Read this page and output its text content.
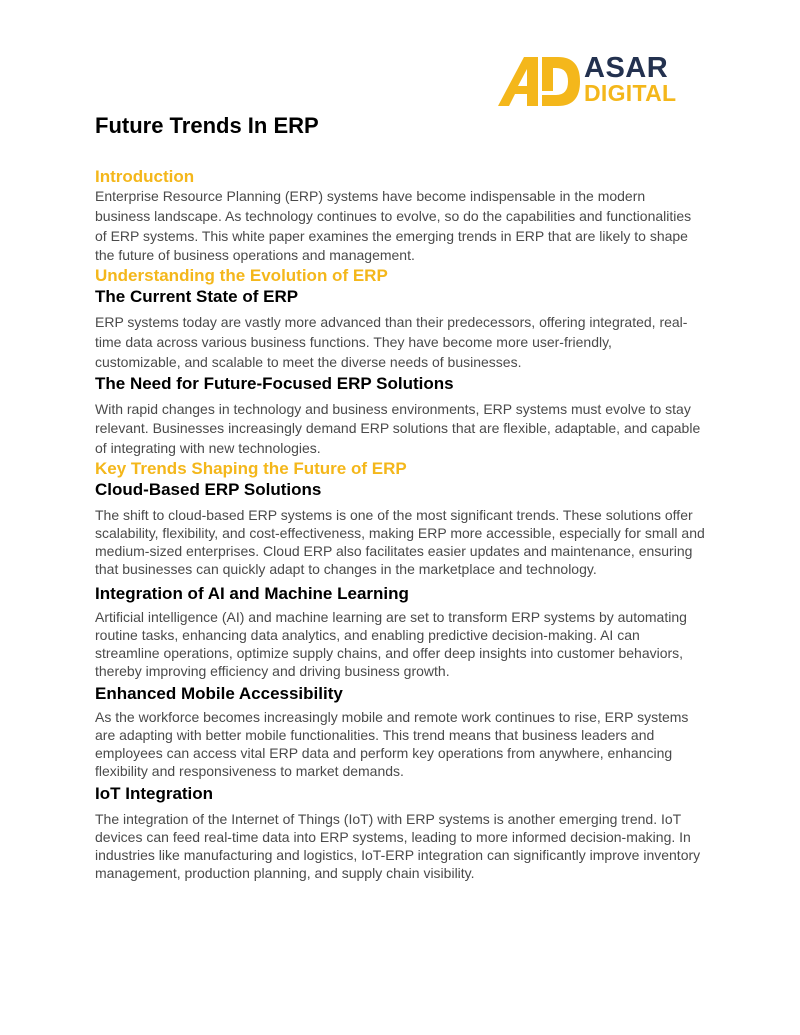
ASAR
DIGITAL
Future Trends In ERP
Introduction

Enterprise Resource Planning (ERP) systems have become indispensable in the modern business landscape. As technology continues to evolve, so do the capabilities and functionalities of ERP systems. This white paper examines the emerging trends in ERP that are likely to shape the future of business operations and management.

Understanding the Evolution of ERP
The Current State of ERP

ERP systems today are vastly more advanced than their predecessors, offering integrated, real-time data across various business functions. They have become more user-friendly, customizable, and scalable to meet the diverse needs of businesses.

The Need for Future-Focused ERP Solutions

With rapid changes in technology and business environments, ERP systems must evolve to stay relevant. Businesses increasingly demand ERP solutions that are flexible, adaptable, and capable of integrating with new technologies.

Key Trends Shaping the Future of ERP
Cloud-Based ERP Solutions

The shift to cloud-based ERP systems is one of the most significant trends. These solutions offer scalability, flexibility, and cost-effectiveness, making ERP more accessible, especially for small and medium-sized enterprises. Cloud ERP also facilitates easier updates and maintenance, ensuring that businesses can quickly adapt to changes in the marketplace and technology.

Integration of AI and Machine Learning

Artificial intelligence (AI) and machine learning are set to transform ERP systems by automating routine tasks, enhancing data analytics, and enabling predictive decision-making. AI can streamline operations, optimize supply chains, and offer deep insights into customer behaviors, thereby improving efficiency and driving business growth.

Enhanced Mobile Accessibility

As the workforce becomes increasingly mobile and remote work continues to rise, ERP systems are adapting with better mobile functionalities. This trend means that business leaders and employees can access vital ERP data and perform key operations from anywhere, enhancing flexibility and responsiveness to market demands.

IoT Integration

The integration of the Internet of Things (IoT) with ERP systems is another emerging trend. IoT devices can feed real-time data into ERP systems, leading to more informed decision-making. In industries like manufacturing and logistics, IoT-ERP integration can significantly improve inventory management, production planning, and supply chain visibility.
